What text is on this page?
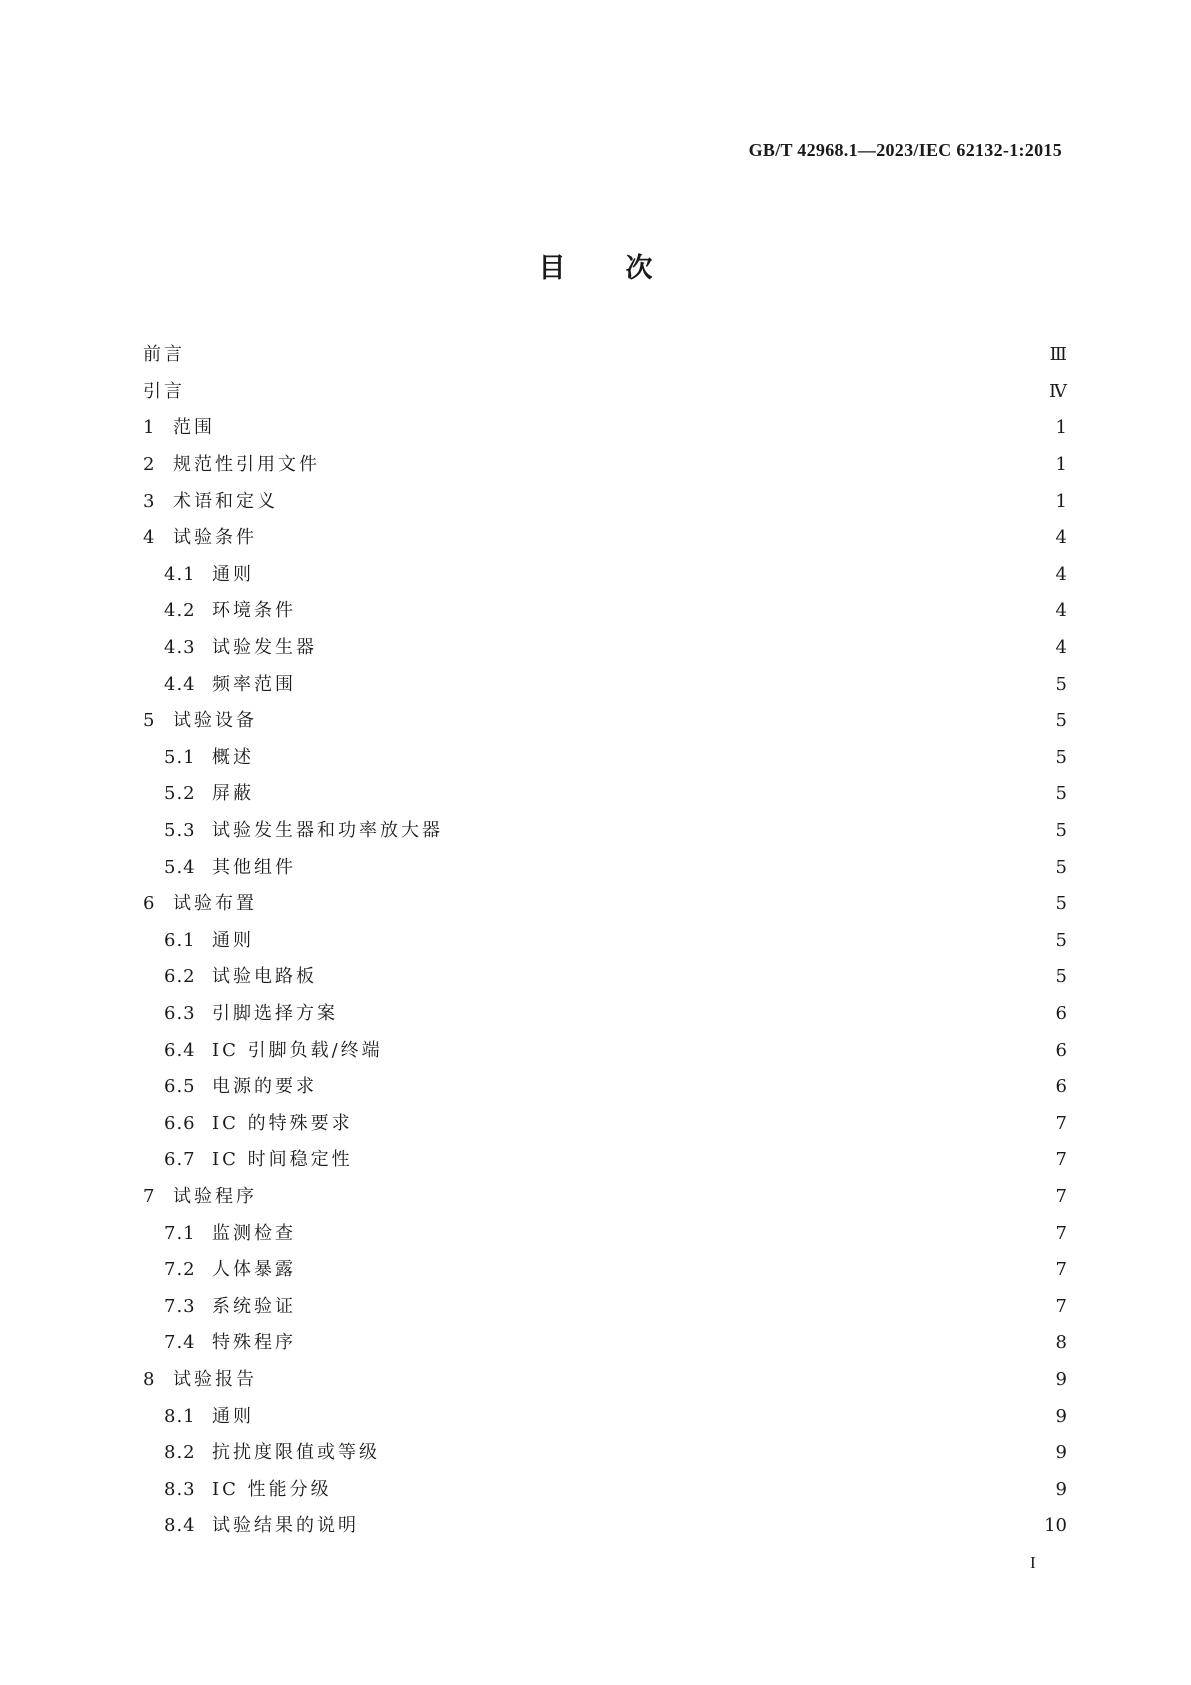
GB/T 42968.1—2023/IEC 62132-1:2015
目次
前言	Ⅲ
引言	Ⅳ
1 范围	1
2 规范性引用文件	1
3 术语和定义	1
4 试验条件	4
4.1 通则	4
4.2 环境条件	4
4.3 试验发生器	4
4.4 频率范围	5
5 试验设备	5
5.1 概述	5
5.2 屏蔽	5
5.3 试验发生器和功率放大器	5
5.4 其他组件	5
6 试验布置	5
6.1 通则	5
6.2 试验电路板	5
6.3 引脚选择方案	6
6.4 IC 引脚负载/终端	6
6.5 电源的要求	6
6.6 IC 的特殊要求	7
6.7 IC 时间稳定性	7
7 试验程序	7
7.1 监测检查	7
7.2 人体暴露	7
7.3 系统验证	7
7.4 特殊程序	8
8 试验报告	9
8.1 通则	9
8.2 抗扰度限值或等级	9
8.3 IC 性能分级	9
8.4 试验结果的说明	10
I
